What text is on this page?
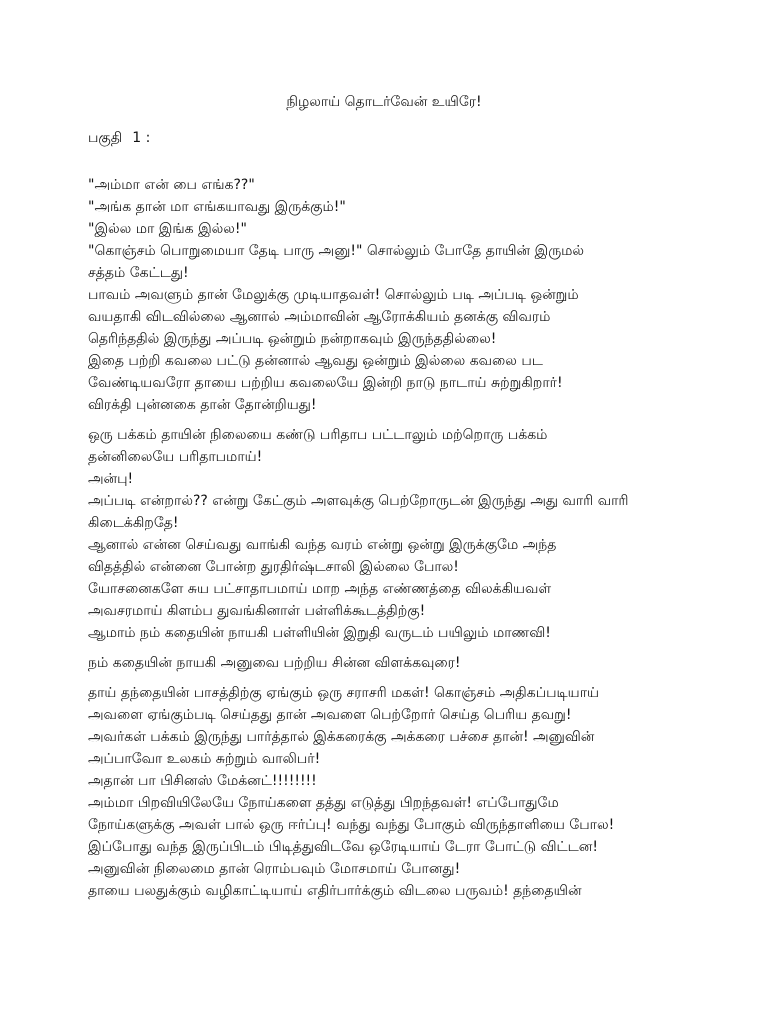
நிழலாய் தொடர்வேன் உயிரே!
பகுதி 1 :
"அம்மா என் பை எங்க??"
"அங்க தான் மா எங்கயாவது இருக்கும்!"
"இல்ல மா இங்க இல்ல!"
"கொஞ்சம் பொறுமையா தேடி பாரு அனு!" சொல்லும் போதே தாயின் இருமல்
சத்தம் கேட்டது!
பாவம் அவளும் தான் மேலுக்கு முடியாதவள்! சொல்லும் படி அப்படி ஒன்றும்
வயதாகி விடவில்லை ஆனால் அம்மாவின் ஆரோக்கியம் தனக்கு விவரம்
தெரிந்ததில் இருந்து அப்படி ஒன்றும் நன்றாகவும் இருந்ததில்லை!
இதை பற்றி கவலை பட்டு தன்னால் ஆவது ஒன்றும் இல்லை கவலை பட
வேண்டியவரோ தாயை பற்றிய கவலையே இன்றி நாடு நாடாய் சுற்றுகிறார்!
விரக்தி புன்னகை தான் தோன்றியது!
ஒரு பக்கம் தாயின் நிலையை கண்டு பரிதாப பட்டாலும் மற்றொரு பக்கம்
தன்னிலையே பரிதாபமாய்!
அன்பு!
அப்படி என்றால்?? என்று கேட்கும் அளவுக்கு பெற்றோருடன் இருந்து அது வாரி வாரி
கிடைக்கிறதே!
ஆனால் என்ன செய்வது வாங்கி வந்த வரம் என்று ஒன்று இருக்குமே அந்த
விதத்தில் என்னை போன்ற துரதிர்ஷ்டசாலி இல்லை போல!
யோசனைகளே சுய பட்சாதாபமாய் மாற அந்த எண்ணத்தை விலக்கியவள்
அவசரமாய் கிளம்ப துவங்கினாள் பள்ளிக்கூடத்திற்கு!
ஆமாம் நம் கதையின் நாயகி பள்ளியின் இறுதி வருடம் பயிலும் மாணவி!
நம் கதையின் நாயகி அனுவை பற்றிய சின்ன விளக்கவுரை!
தாய் தந்தையின் பாசத்திற்கு ஏங்கும் ஒரு சராசரி மகள்! கொஞ்சம் அதிகப்படியாய்
அவளை ஏங்கும்படி செய்தது தான் அவளை பெற்றோர் செய்த பெரிய தவறு!
அவர்கள் பக்கம் இருந்து பார்த்தால் இக்கரைக்கு அக்கரை பச்சை தான்! அனுவின்
அப்பாவோ உலகம் சுற்றும் வாலிபர்!
அதான் பா பிசினஸ் மேக்னட்!!!!!!!!
அம்மா பிறவியிலேயே நோய்களை தத்து எடுத்து பிறந்தவள்! எப்போதுமே
நோய்களுக்கு அவள் பால் ஒரு ஈர்ப்பு! வந்து வந்து போகும் விருந்தாளியை போல!
இப்போது வந்த இருப்பிடம் பிடித்துவிடவே ஒரேடியாய் டேரா போட்டு விட்டன!
அனுவின் நிலைமை தான் ரொம்பவும் மோசமாய் போனது!
தாயை பலதுக்கும் வழிகாட்டியாய் எதிர்பார்க்கும் விடலை பருவம்! தந்தையின்
